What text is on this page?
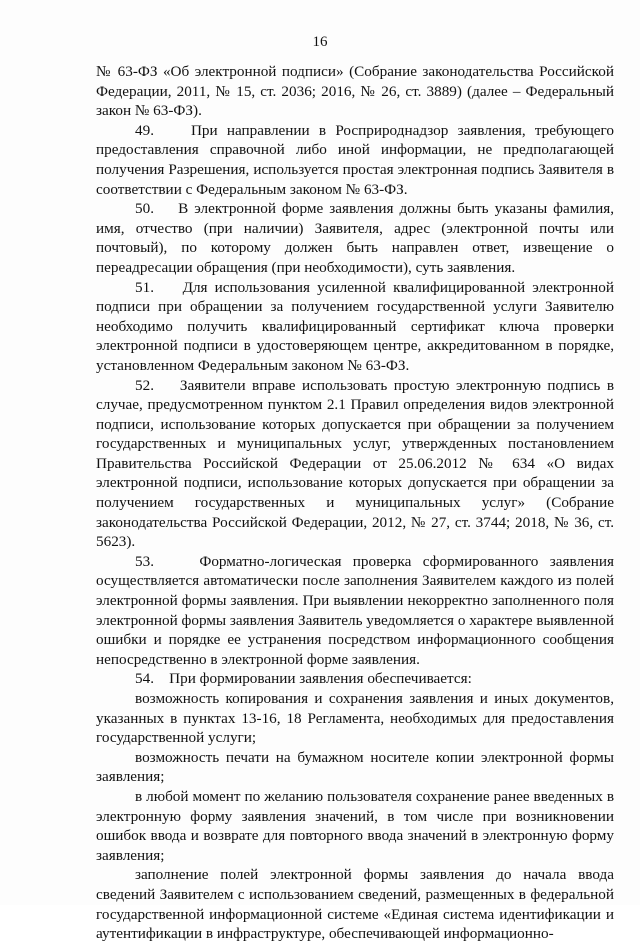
16

№ 63-ФЗ «Об электронной подписи» (Собрание законодательства Российской Федерации, 2011, № 15, ст. 2036; 2016, № 26, ст. 3889) (далее – Федеральный закон № 63-ФЗ).

49.    При направлении в Росприроднадзор заявления, требующего предоставления справочной либо иной информации, не предполагающей получения Разрешения, используется простая электронная подпись Заявителя в соответствии с Федеральным законом № 63-ФЗ.

50.    В электронной форме заявления должны быть указаны фамилия, имя, отчество (при наличии) Заявителя, адрес (электронной почты или почтовый), по которому должен быть направлен ответ, извещение о переадресации обращения (при необходимости), суть заявления.

51.    Для использования усиленной квалифицированной электронной подписи при обращении за получением государственной услуги Заявителю необходимо получить квалифицированный сертификат ключа проверки электронной подписи в удостоверяющем центре, аккредитованном в порядке, установленном Федеральным законом № 63-ФЗ.

52.    Заявители вправе использовать простую электронную подпись в случае, предусмотренном пунктом 2.1 Правил определения видов электронной подписи, использование которых допускается при обращении за получением государственных и муниципальных услуг, утвержденных постановлением Правительства Российской Федерации от 25.06.2012 № 634 «О видах электронной подписи, использование которых допускается при обращении за получением государственных и муниципальных услуг» (Собрание законодательства Российской Федерации, 2012, № 27, ст. 3744; 2018, № 36, ст. 5623).

53.    Форматно-логическая проверка сформированного заявления осуществляется автоматически после заполнения Заявителем каждого из полей электронной формы заявления. При выявлении некорректно заполненного поля электронной формы заявления Заявитель уведомляется о характере выявленной ошибки и порядке ее устранения посредством информационного сообщения непосредственно в электронной форме заявления.

54.    При формировании заявления обеспечивается:

возможность копирования и сохранения заявления и иных документов, указанных в пунктах 13-16, 18 Регламента, необходимых для предоставления государственной услуги;

возможность печати на бумажном носителе копии электронной формы заявления;

в любой момент по желанию пользователя сохранение ранее введенных в электронную форму заявления значений, в том числе при возникновении ошибок ввода и возврате для повторного ввода значений в электронную форму заявления;

заполнение полей электронной формы заявления до начала ввода сведений Заявителем с использованием сведений, размещенных в федеральной государственной информационной системе «Единая система идентификации и аутентификации в инфраструктуре, обеспечивающей информационно-
